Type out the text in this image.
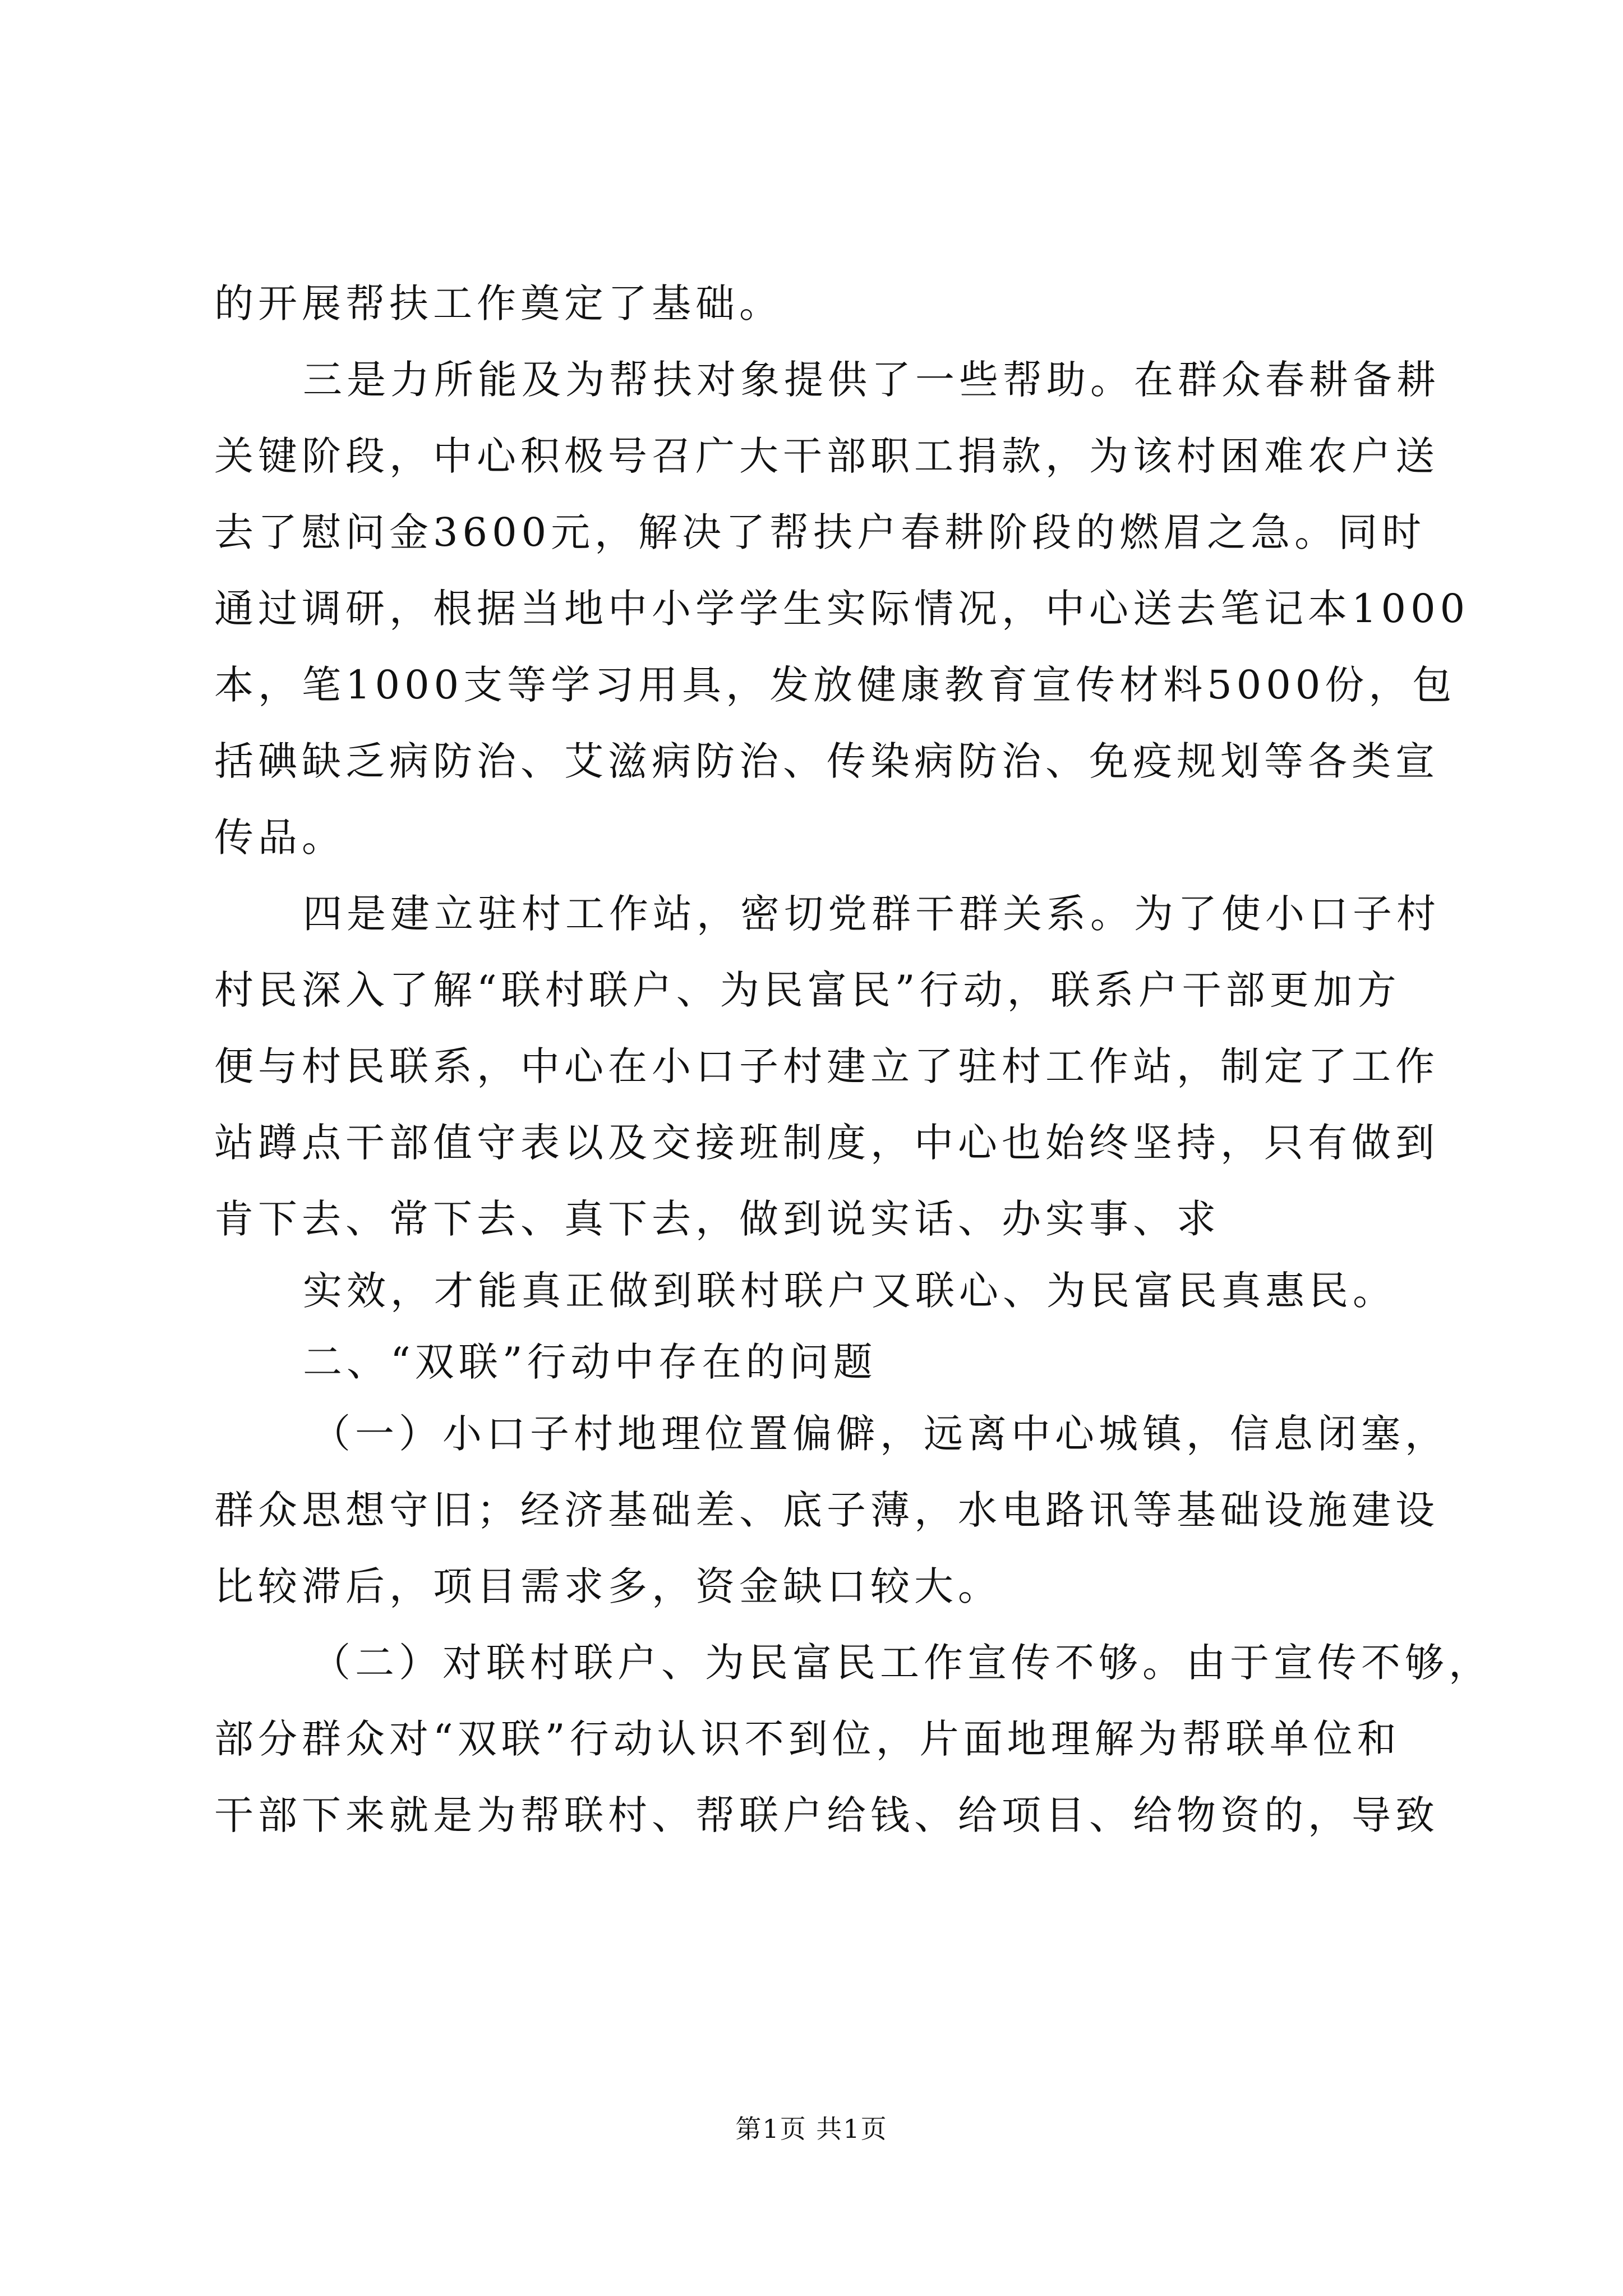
的开展帮扶工作奠定了基础。

三是力所能及为帮扶对象提供了一些帮助。在群众春耕备耕

关键阶段，中心积极号召广大干部职工捐款，为该村困难农户送

去了慰问金3600元，解决了帮扶户春耕阶段的燃眉之急。同时

通过调研，根据当地中小学学生实际情况，中心送去笔记本1000

本，笔1000支等学习用具，发放健康教育宣传材料5000份，包

括碘缺乏病防治、艾滋病防治、传染病防治、免疫规划等各类宣

传品。

四是建立驻村工作站，密切党群干群关系。为了使小口子村

村民深入了解“联村联户、为民富民”行动，联系户干部更加方

便与村民联系，中心在小口子村建立了驻村工作站，制定了工作

站蹲点干部值守表以及交接班制度，中心也始终坚持，只有做到

肯下去、常下去、真下去，做到说实话、办实事、求

实效，才能真正做到联村联户又联心、为民富民真惠民。

二、“双联”行动中存在的问题

（一）小口子村地理位置偏僻，远离中心城镇，信息闭塞，

群众思想守旧；经济基础差、底子薄，水电路讯等基础设施建设

比较滞后，项目需求多，资金缺口较大。

（二）对联村联户、为民富民工作宣传不够。由于宣传不够，

部分群众对“双联”行动认识不到位，片面地理解为帮联单位和

干部下来就是为帮联村、帮联户给钱、给项目、给物资的，导致

第1页 共1页
